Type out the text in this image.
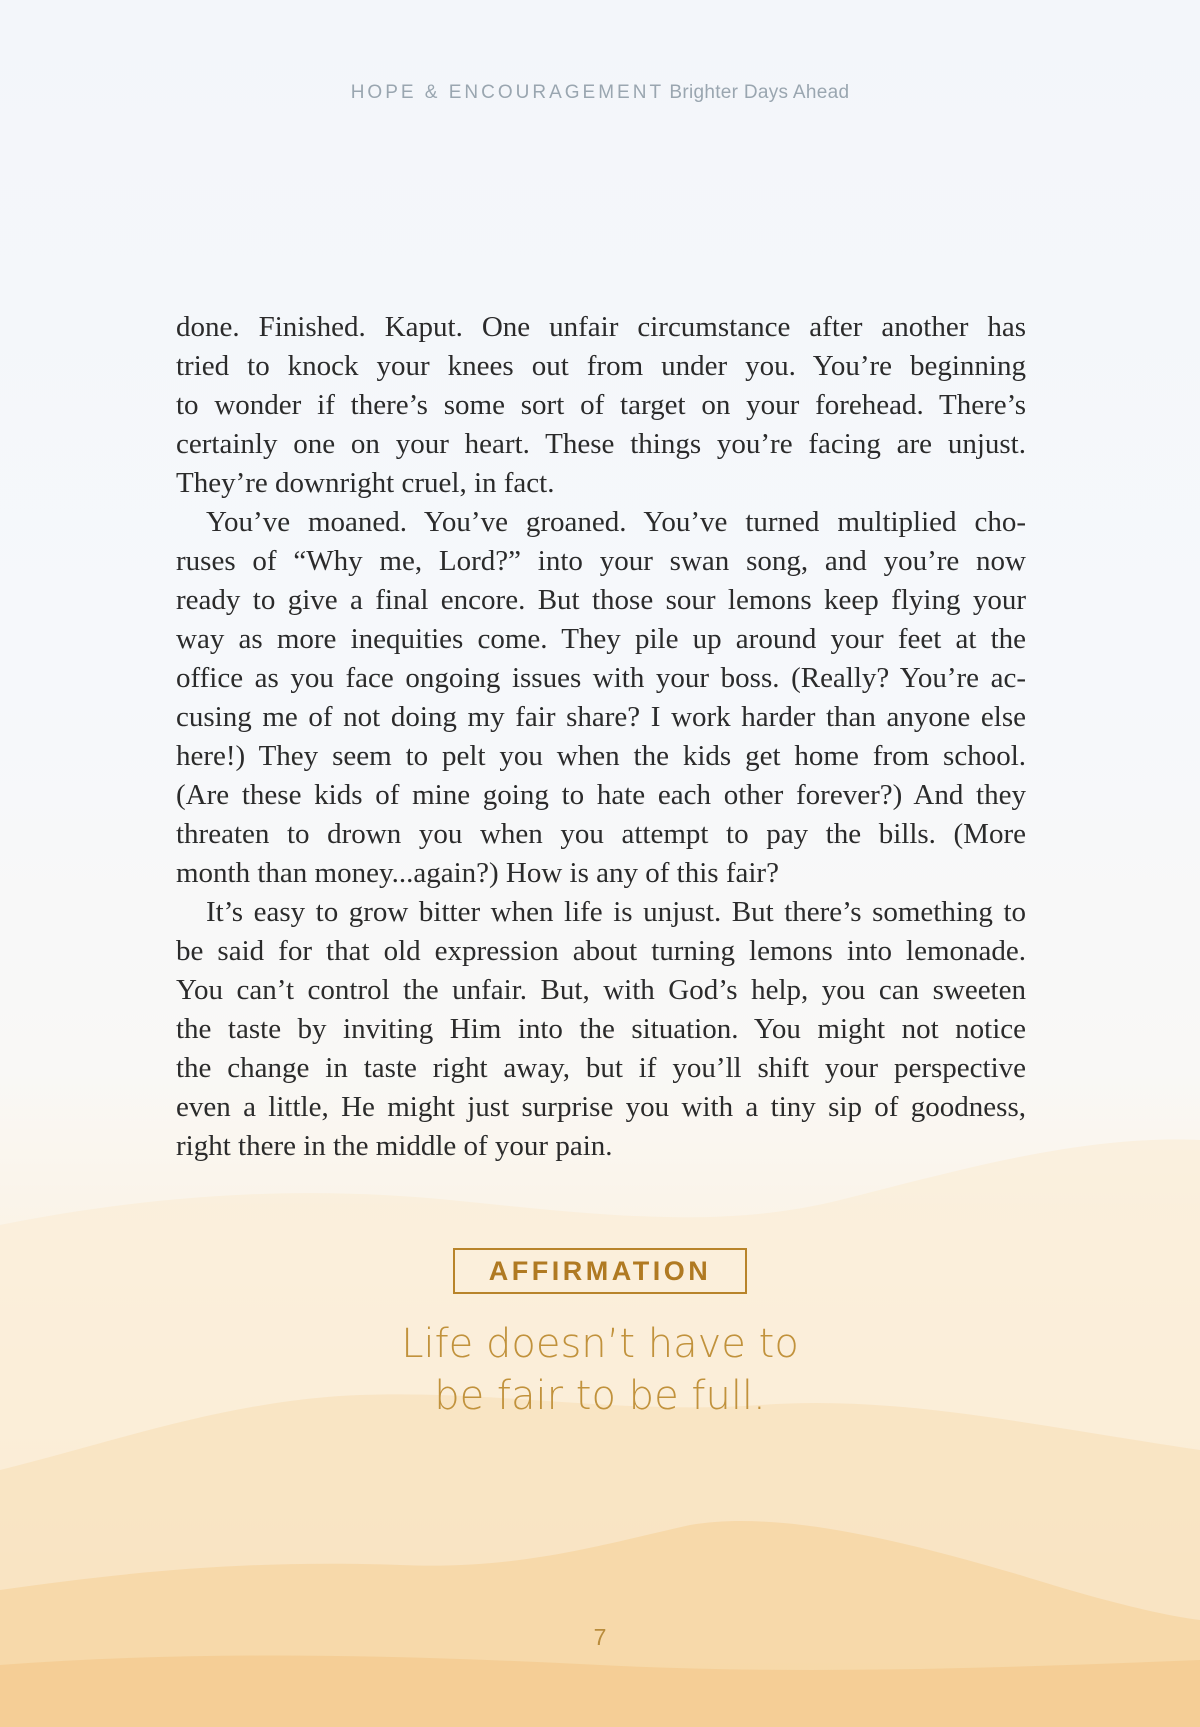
HOPE & ENCOURAGEMENT Brighter Days Ahead
done. Finished. Kaput. One unfair circumstance after another has
tried to knock your knees out from under you. You’re beginning
to wonder if there’s some sort of target on your forehead. There’s
certainly one on your heart. These things you’re facing are unjust.
They’re downright cruel, in fact.
You’ve moaned. You’ve groaned. You’ve turned multiplied cho-
ruses of “Why me, Lord?” into your swan song, and you’re now
ready to give a final encore. But those sour lemons keep flying your
way as more inequities come. They pile up around your feet at the
office as you face ongoing issues with your boss. (Really? You’re ac-
cusing me of not doing my fair share? I work harder than anyone else
here!) They seem to pelt you when the kids get home from school.
(Are these kids of mine going to hate each other forever?) And they
threaten to drown you when you attempt to pay the bills. (More
month than money...again?) How is any of this fair?
It’s easy to grow bitter when life is unjust. But there’s something to
be said for that old expression about turning lemons into lemonade.
You can’t control the unfair. But, with God’s help, you can sweeten
the taste by inviting Him into the situation. You might not notice
the change in taste right away, but if you’ll shift your perspective
even a little, He might just surprise you with a tiny sip of goodness,
right there in the middle of your pain.
AFFIRMATION
Life doesn’t have to
be fair to be full.
7
